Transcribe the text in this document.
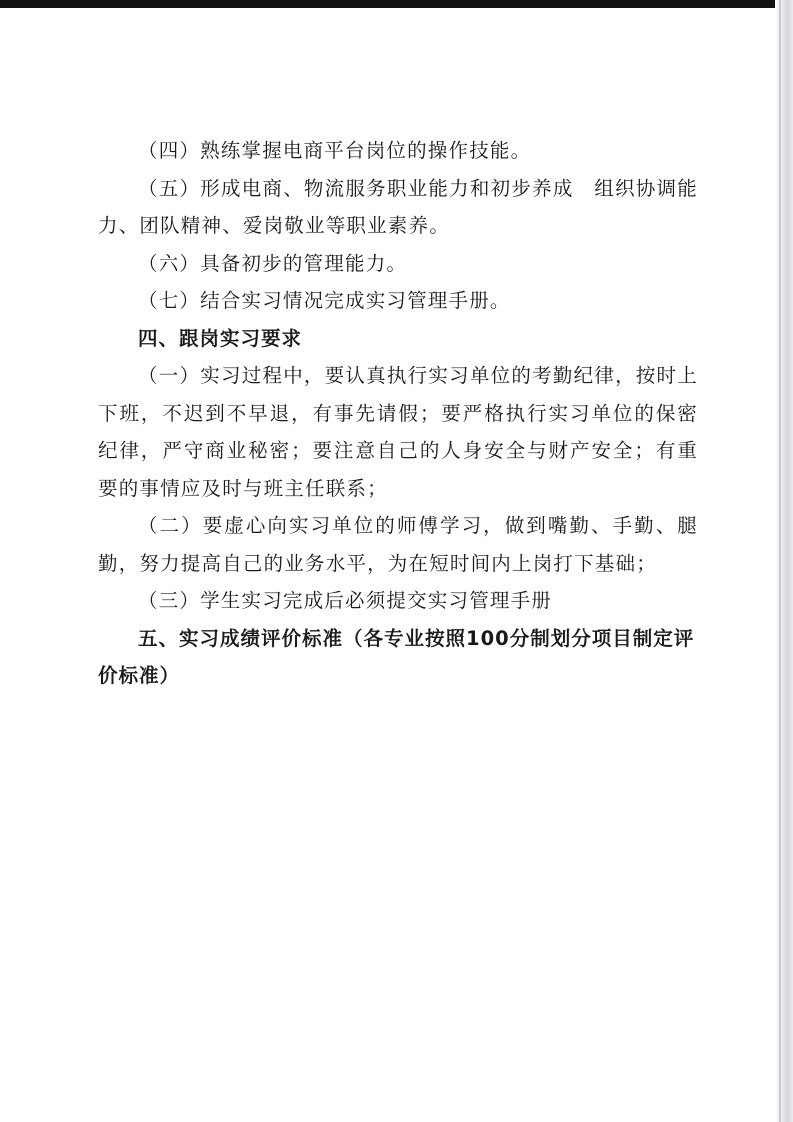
（四）熟练掌握电商平台岗位的操作技能。

（五）形成电商、物流服务职业能力和初步养成　组织协调能力、团队精神、爱岗敬业等职业素养。

（六）具备初步的管理能力。

（七）结合实习情况完成实习管理手册。

四、跟岗实习要求

（一）实习过程中，要认真执行实习单位的考勤纪律，按时上下班，不迟到不早退，有事先请假；要严格执行实习单位的保密纪律，严守商业秘密；要注意自己的人身安全与财产安全；有重要的事情应及时与班主任联系；

（二）要虚心向实习单位的师傅学习，做到嘴勤、手勤、腿勤，努力提高自己的业务水平，为在短时间内上岗打下基础；

（三）学生实习完成后必须提交实习管理手册

五、实习成绩评价标准（各专业按照100分制划分项目制定评价标准）
